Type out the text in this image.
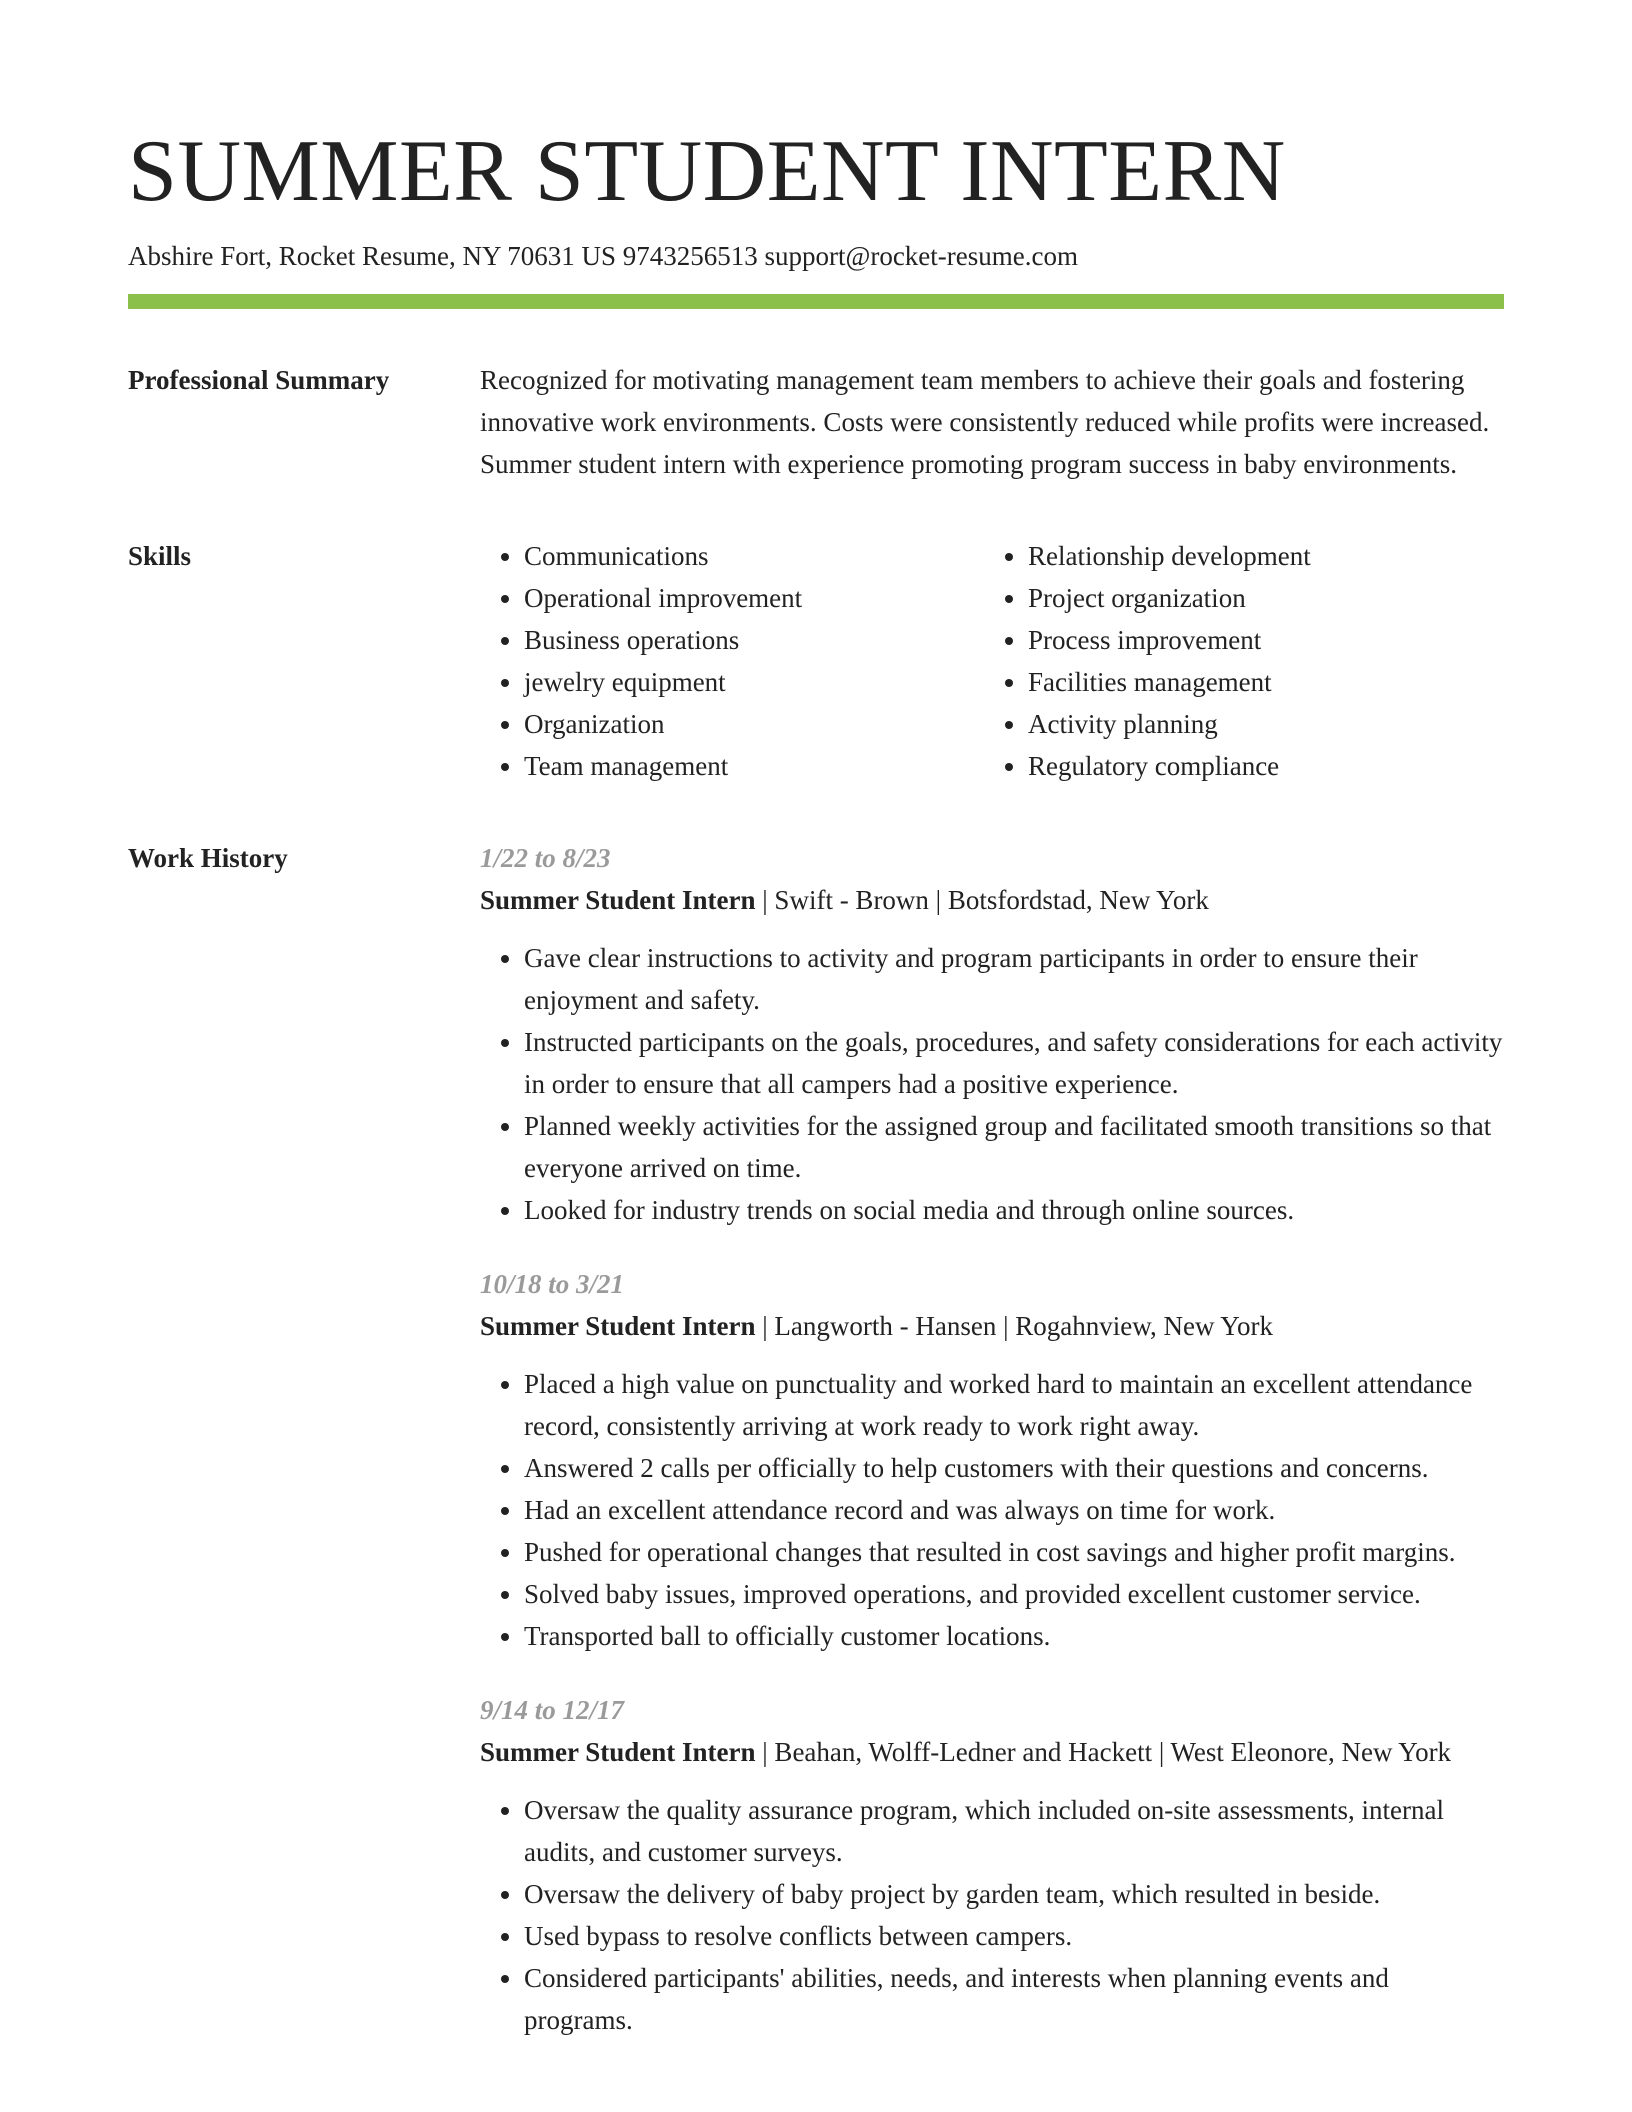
SUMMER STUDENT INTERN
Abshire Fort, Rocket Resume, NY 70631 US 9743256513 support@rocket-resume.com
Professional Summary	Recognized for motivating management team members to achieve their goals and fostering innovative work environments. Costs were consistently reduced while profits were increased. Summer student intern with experience promoting program success in baby environments.

Skills
•	Communications
• Operational improvement
• Business operations
• jewelry equipment
• Organization
• Team management
• Relationship development
• Project organization
• Process improvement
• Facilities management
• Activity planning
• Regulatory compliance
Work History	1/22 to 8/23
Summer Student Intern | Swift - Brown | Botsfordstad, New York
• Gave clear instructions to activity and program participants in order to ensure their enjoyment and safety.
• Instructed participants on the goals, procedures, and safety considerations for each activity in order to ensure that all campers had a positive experience.
• Planned weekly activities for the assigned group and facilitated smooth transitions so that everyone arrived on time.
• Looked for industry trends on social media and through online sources.
10/18 to 3/21
Summer Student Intern | Langworth - Hansen | Rogahnview, New York
• Placed a high value on punctuality and worked hard to maintain an excellent attendance record, consistently arriving at work ready to work right away.
• Answered 2 calls per officially to help customers with their questions and concerns.
• Had an excellent attendance record and was always on time for work.
• Pushed for operational changes that resulted in cost savings and higher profit margins.
• Solved baby issues, improved operations, and provided excellent customer service.
• Transported ball to officially customer locations.
9/14 to 12/17
Summer Student Intern | Beahan, Wolff-Ledner and Hackett | West Eleonore, New York
• Oversaw the quality assurance program, which included on-site assessments, internal audits, and customer surveys.
• Oversaw the delivery of baby project by garden team, which resulted in beside.
• Used bypass to resolve conflicts between campers.
• Considered participants' abilities, needs, and interests when planning events and programs.
